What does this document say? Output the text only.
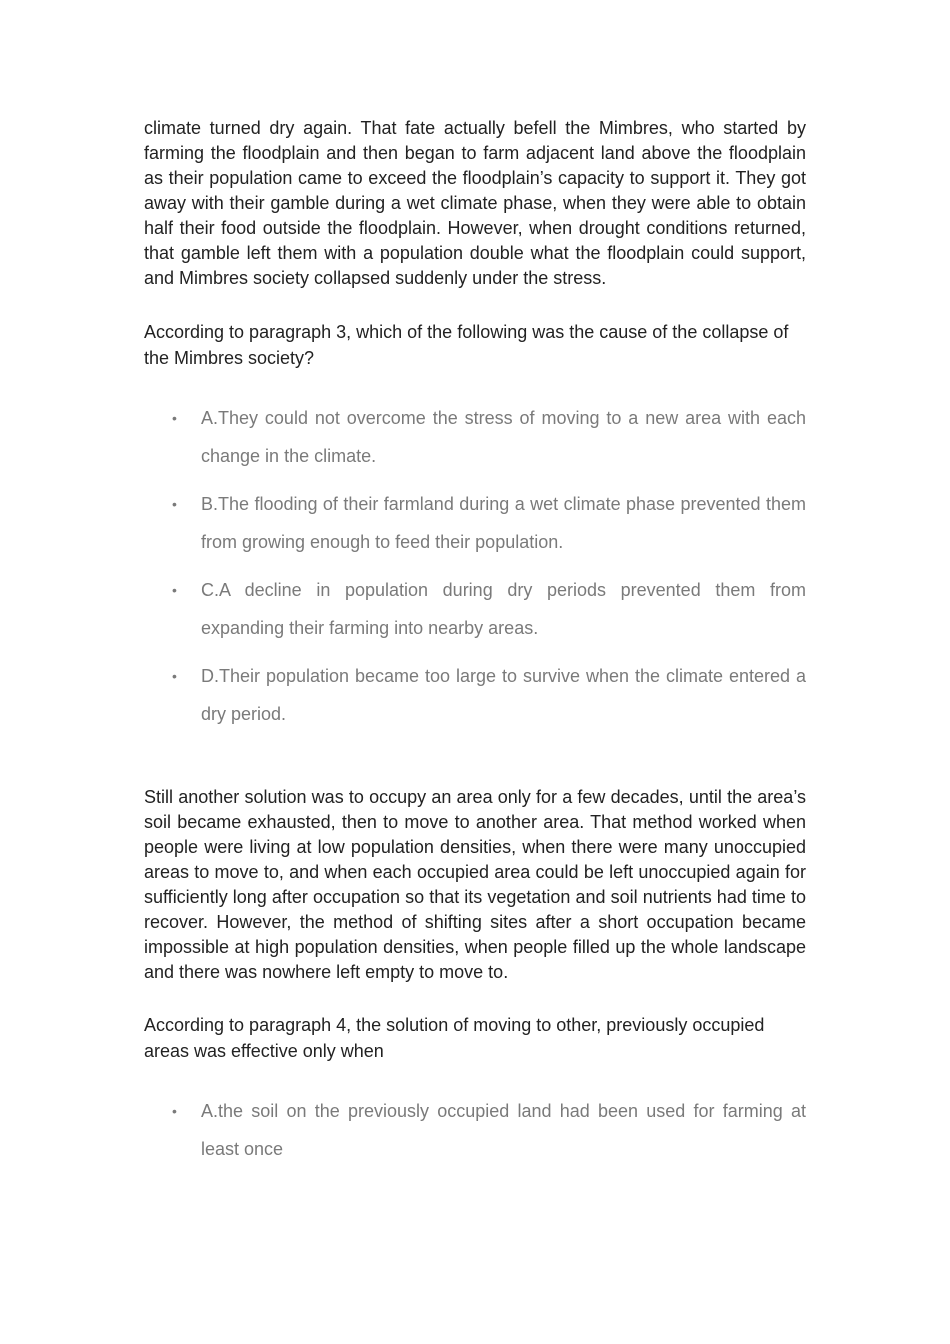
climate turned dry again. That fate actually befell the Mimbres, who started by farming the floodplain and then began to farm adjacent land above the floodplain as their population came to exceed the floodplain’s capacity to support it. They got away with their gamble during a wet climate phase, when they were able to obtain half their food outside the floodplain. However, when drought conditions returned, that gamble left them with a population double what the floodplain could support, and Mimbres society collapsed suddenly under the stress.

According to paragraph 3, which of the following was the cause of the collapse of the Mimbres society?

• A.They could not overcome the stress of moving to a new area with each change in the climate.
• B.The flooding of their farmland during a wet climate phase prevented them from growing enough to feed their population.
• C.A decline in population during dry periods prevented them from expanding their farming into nearby areas.
• D.Their population became too large to survive when the climate entered a dry period.

Still another solution was to occupy an area only for a few decades, until the area’s soil became exhausted, then to move to another area. That method worked when people were living at low population densities, when there were many unoccupied areas to move to, and when each occupied area could be left unoccupied again for sufficiently long after occupation so that its vegetation and soil nutrients had time to recover. However, the method of shifting sites after a short occupation became impossible at high population densities, when people filled up the whole landscape and there was nowhere left empty to move to.

According to paragraph 4, the solution of moving to other, previously occupied areas was effective only when

• A.the soil on the previously occupied land had been used for farming at least once
